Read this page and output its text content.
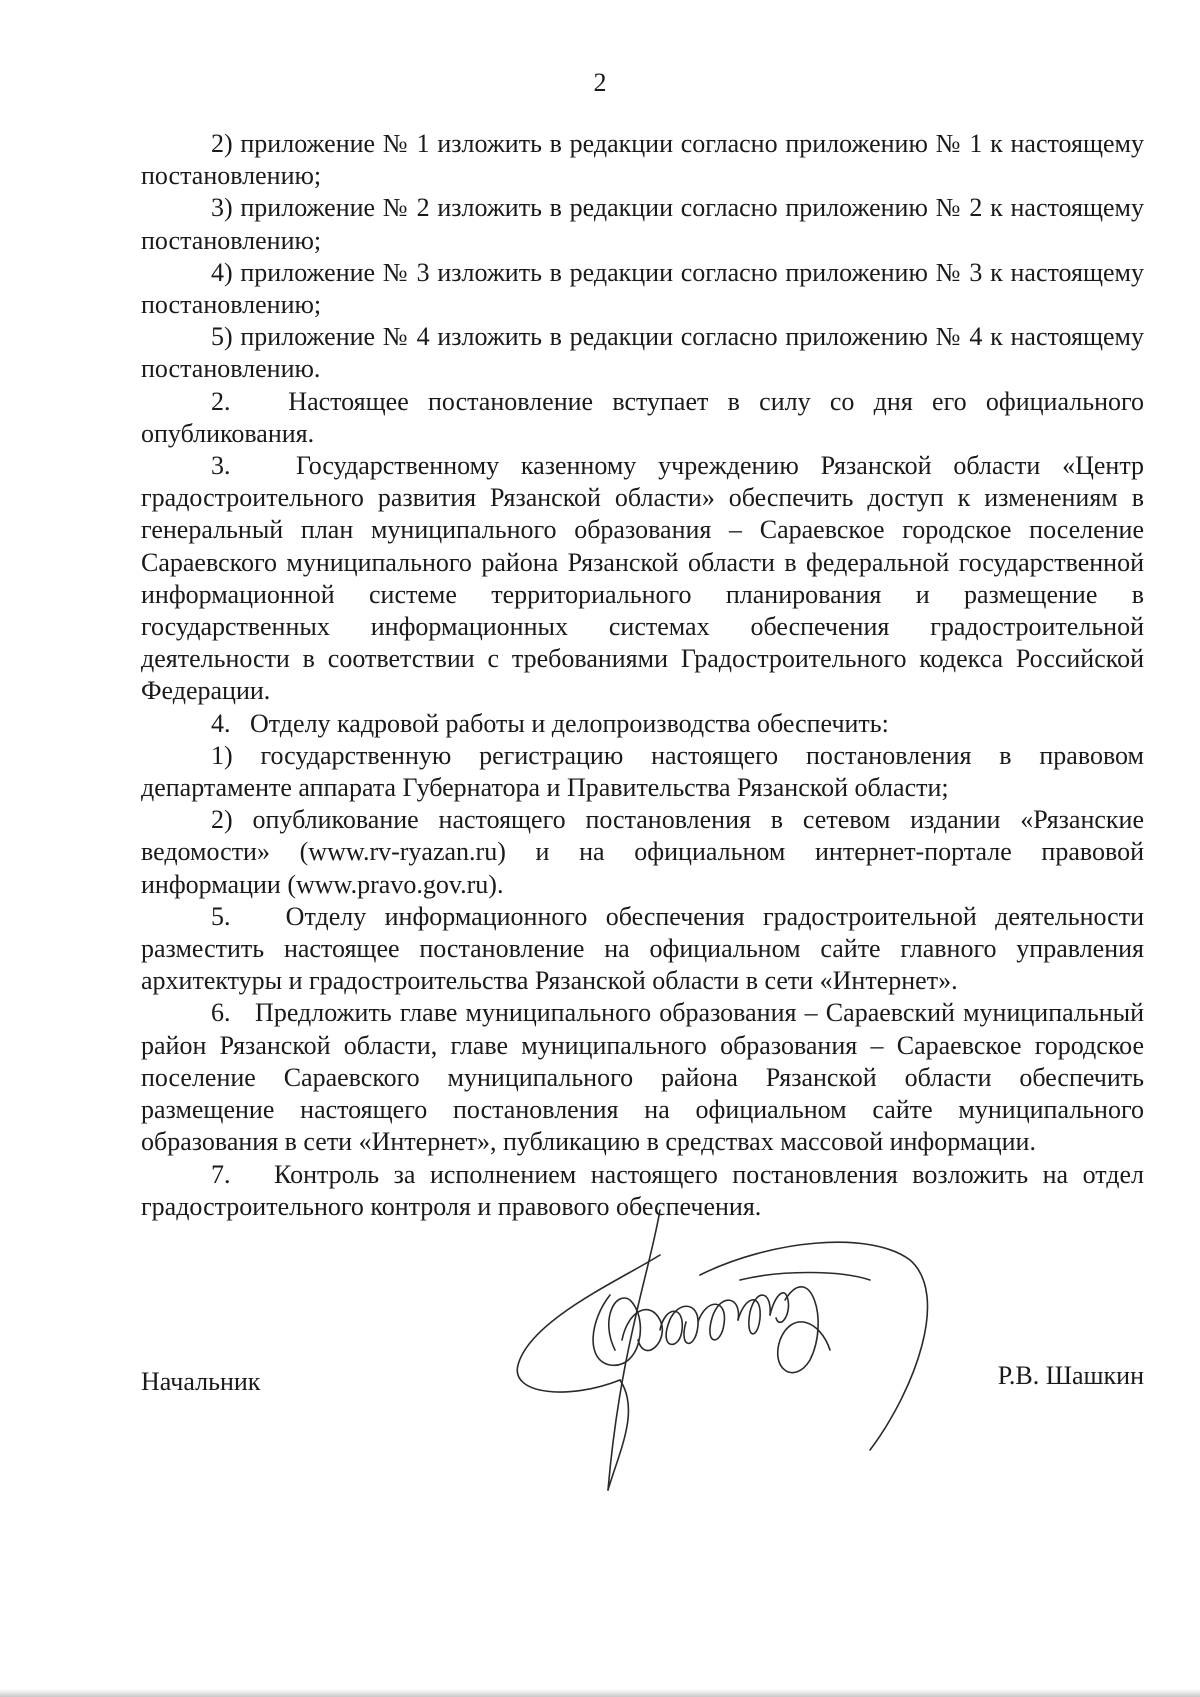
2

2) приложение № 1 изложить в редакции согласно приложению № 1 к настоящему постановлению;

3) приложение № 2 изложить в редакции согласно приложению № 2 к настоящему постановлению;

4) приложение № 3 изложить в редакции согласно приложению № 3 к настоящему постановлению;

5) приложение № 4 изложить в редакции согласно приложению № 4 к настоящему постановлению.

2.   Настоящее постановление вступает в силу со дня его официального опубликования.

3.   Государственному казенному учреждению Рязанской области «Центр градостроительного развития Рязанской области» обеспечить доступ к изменениям в генеральный план муниципального образования – Сараевское городское поселение Сараевского муниципального района Рязанской области в федеральной государственной информационной системе территориального планирования и размещение в государственных информационных системах обеспечения градостроительной деятельности в соответствии с требованиями Градостроительного кодекса Российской Федерации.

4.   Отделу кадровой работы и делопроизводства обеспечить:

1) государственную регистрацию настоящего постановления в правовом департаменте аппарата Губернатора и Правительства Рязанской области;

2) опубликование настоящего постановления в сетевом издании «Рязанские ведомости» (www.rv-ryazan.ru) и на официальном интернет-портале правовой информации (www.pravo.gov.ru).

5.   Отделу информационного обеспечения градостроительной деятельности разместить настоящее постановление на официальном сайте главного управления архитектуры и градостроительства Рязанской области в сети «Интернет».

6.   Предложить главе муниципального образования – Сараевский муниципальный район Рязанской области, главе муниципального образования – Сараевское городское поселение Сараевского муниципального района Рязанской области обеспечить размещение настоящего постановления на официальном сайте муниципального образования в сети «Интернет», публикацию в средствах массовой информации.

7.   Контроль за исполнением настоящего постановления возложить на отдел градостроительного контроля и правового обеспечения.

Начальник	Р.В. Шашкин
